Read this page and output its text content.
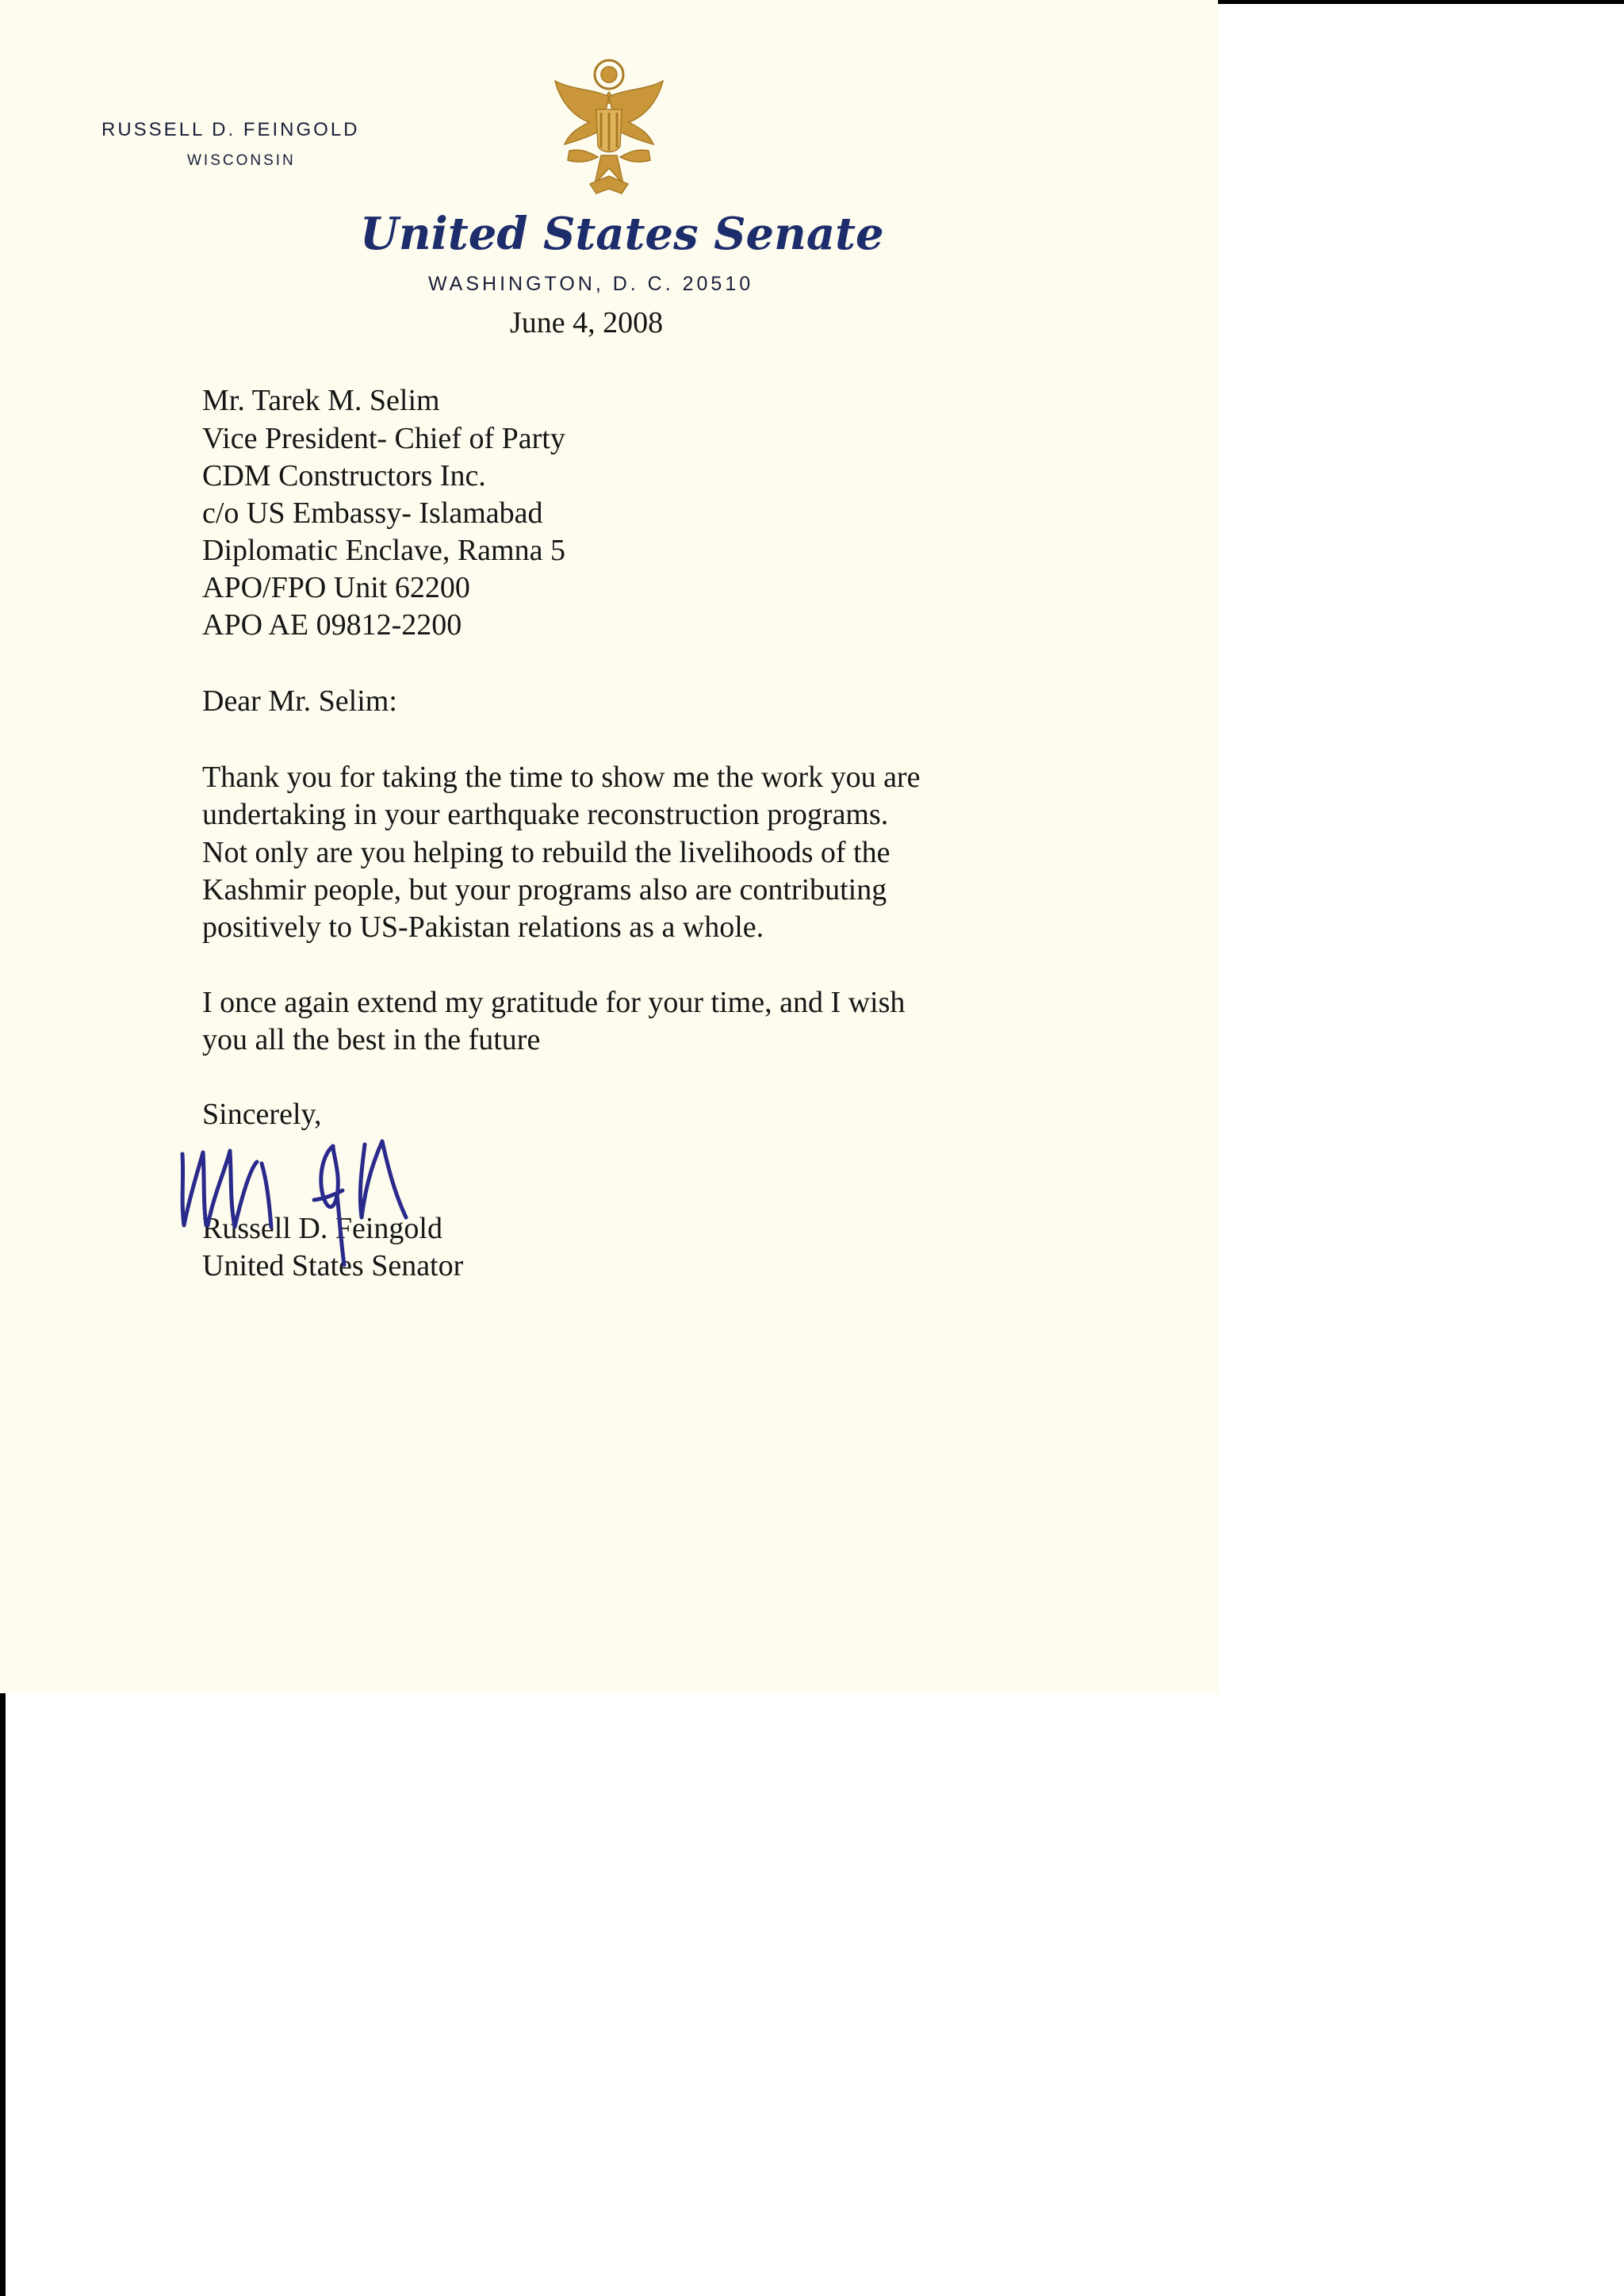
RUSSELL D. FEINGOLD
WISCONSIN
United States Senate
WASHINGTON, D. C. 20510
June 4, 2008
Mr. Tarek M. Selim
Vice President- Chief of Party
CDM Constructors Inc.
c/o US Embassy- Islamabad
Diplomatic Enclave, Ramna 5
APO/FPO Unit 62200
APO AE 09812-2200
Dear Mr. Selim:
Thank you for taking the time to show me the work you are
undertaking in your earthquake reconstruction programs.
Not only are you helping to rebuild the livelihoods of the
Kashmir people, but your programs also are contributing
positively to US-Pakistan relations as a whole.
I once again extend my gratitude for your time, and I wish
you all the best in the future
Sincerely,
Russell D. Feingold
United States Senator
